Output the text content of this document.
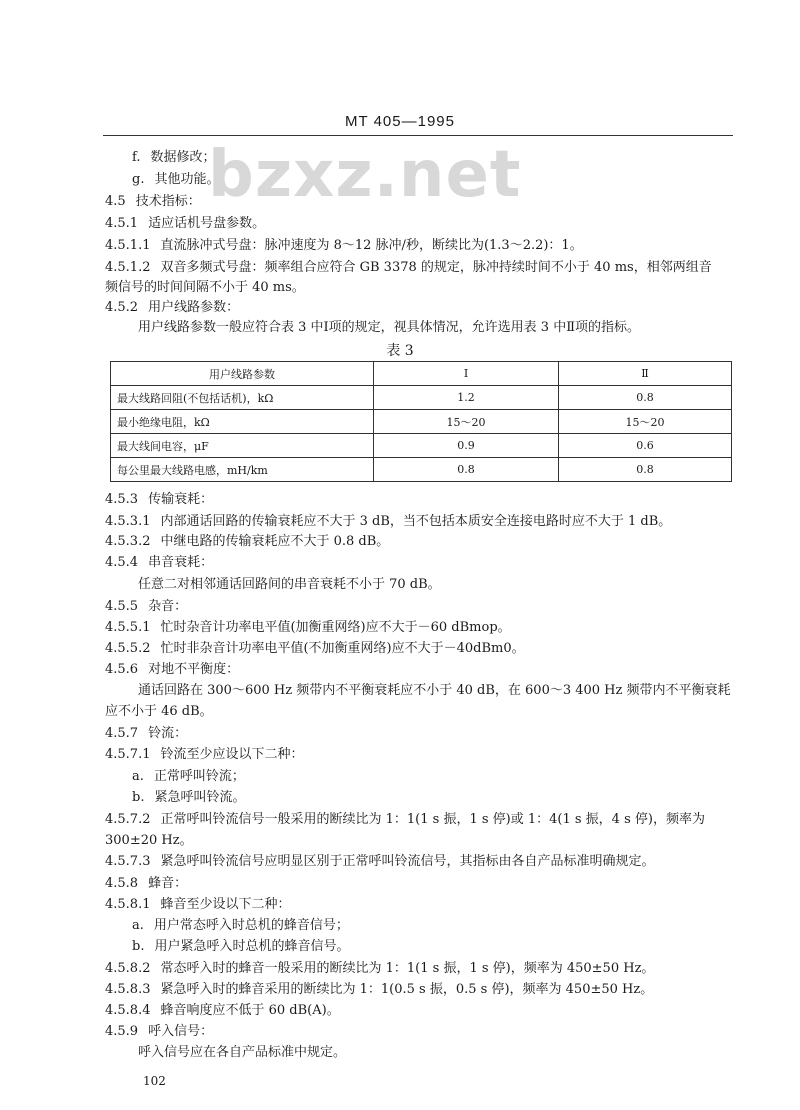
MT 405—1995
bzxz.net
f. 数据修改；
g. 其他功能。
4.5 技术指标：
4.5.1 适应话机号盘参数。
4.5.1.1 直流脉冲式号盘：脉冲速度为 8～12 脉冲/秒，断续比为(1.3～2.2)：1。
4.5.1.2 双音多频式号盘：频率组合应符合 GB 3378 的规定，脉冲持续时间不小于 40 ms，相邻两组音
频信号的时间间隔不小于 40 ms。
4.5.2 用户线路参数：
用户线路参数一般应符合表 3 中Ⅰ项的规定，视具体情况，允许选用表 3 中Ⅱ项的指标。
表 3
用户线路参数	Ⅰ	Ⅱ
最大线路回阻(不包括话机)，kΩ	1.2	0.8
最小绝缘电阻，kΩ	15～20	15～20
最大线间电容，μF	0.9	0.6
每公里最大线路电感，mH/km	0.8	0.8
4.5.3 传输衰耗：
4.5.3.1 内部通话回路的传输衰耗应不大于 3 dB，当不包括本质安全连接电路时应不大于 1 dB。
4.5.3.2 中继电路的传输衰耗应不大于 0.8 dB。
4.5.4 串音衰耗：
任意二对相邻通话回路间的串音衰耗不小于 70 dB。
4.5.5 杂音：
4.5.5.1 忙时杂音计功率电平值(加衡重网络)应不大于－60 dBmop。
4.5.5.2 忙时非杂音计功率电平值(不加衡重网络)应不大于－40dBm0。
4.5.6 对地不平衡度：
通话回路在 300～600 Hz 频带内不平衡衰耗应不小于 40 dB，在 600～3 400 Hz 频带内不平衡衰耗
应不小于 46 dB。
4.5.7 铃流：
4.5.7.1 铃流至少应设以下二种：
a. 正常呼叫铃流；
b. 紧急呼叫铃流。
4.5.7.2 正常呼叫铃流信号一般采用的断续比为 1：1(1 s 振，1 s 停)或 1：4(1 s 振，4 s 停)，频率为
300±20 Hz。
4.5.7.3 紧急呼叫铃流信号应明显区别于正常呼叫铃流信号，其指标由各自产品标准明确规定。
4.5.8 蜂音：
4.5.8.1 蜂音至少设以下二种：
a. 用户常态呼入时总机的蜂音信号；
b. 用户紧急呼入时总机的蜂音信号。
4.5.8.2 常态呼入时的蜂音一般采用的断续比为 1：1(1 s 振，1 s 停)，频率为 450±50 Hz。
4.5.8.3 紧急呼入时的蜂音采用的断续比为 1：1(0.5 s 振，0.5 s 停)，频率为 450±50 Hz。
4.5.8.4 蜂音响度应不低于 60 dB(A)。
4.5.9 呼入信号：
呼入信号应在各自产品标准中规定。
102
